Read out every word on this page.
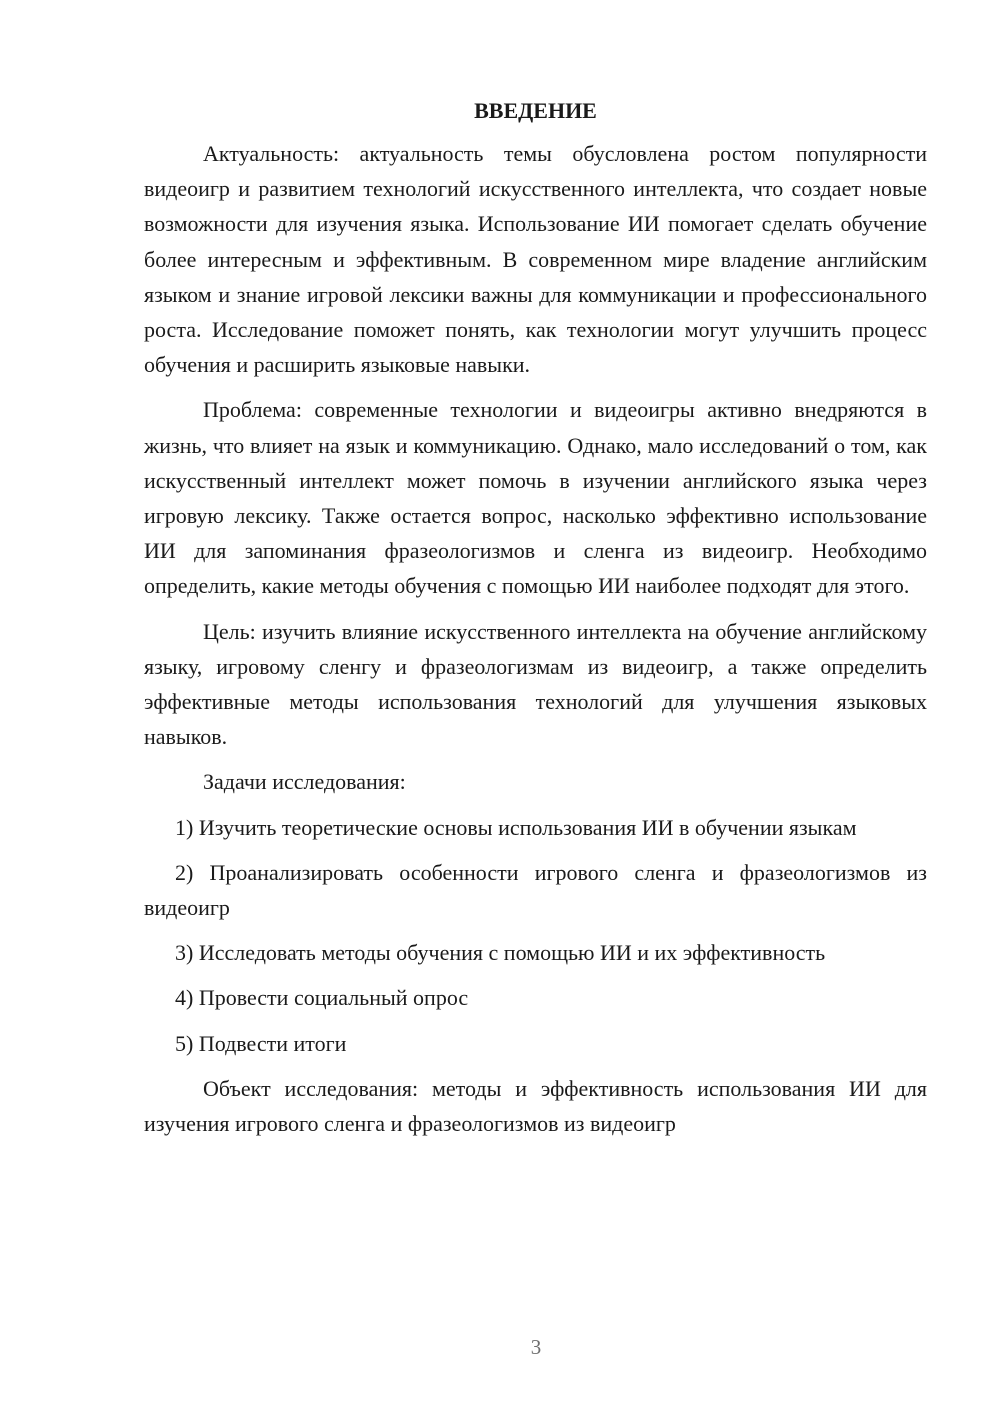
ВВЕДЕНИЕ

Актуальность: актуальность темы обусловлена ростом популярности видеоигр и развитием технологий искусственного интеллекта, что создает новые возможности для изучения языка. Использование ИИ помогает сделать обучение более интересным и эффективным. В современном мире владение английским языком и знание игровой лексики важны для коммуникации и профессионального роста. Исследование поможет понять, как технологии могут улучшить процесс обучения и расширить языковые навыки.

Проблема: современные технологии и видеоигры активно внедряются в жизнь, что влияет на язык и коммуникацию. Однако, мало исследований о том, как искусственный интеллект может помочь в изучении английского языка через игровую лексику. Также остается вопрос, насколько эффективно использование ИИ для запоминания фразеологизмов и сленга из видеоигр. Необходимо определить, какие методы обучения с помощью ИИ наиболее подходят для этого.

Цель: изучить влияние искусственного интеллекта на обучение английскому языку, игровому сленгу и фразеологизмам из видеоигр, а также определить эффективные методы использования технологий для улучшения языковых навыков.

Задачи исследования:

1) Изучить теоретические основы использования ИИ в обучении языкам

2) Проанализировать особенности игрового сленга и фразеологизмов из видеоигр

3) Исследовать методы обучения с помощью ИИ и их эффективность

4) Провести социальный опрос

5) Подвести итоги

Объект исследования: методы и эффективность использования ИИ для изучения игрового сленга и фразеологизмов из видеоигр

3
